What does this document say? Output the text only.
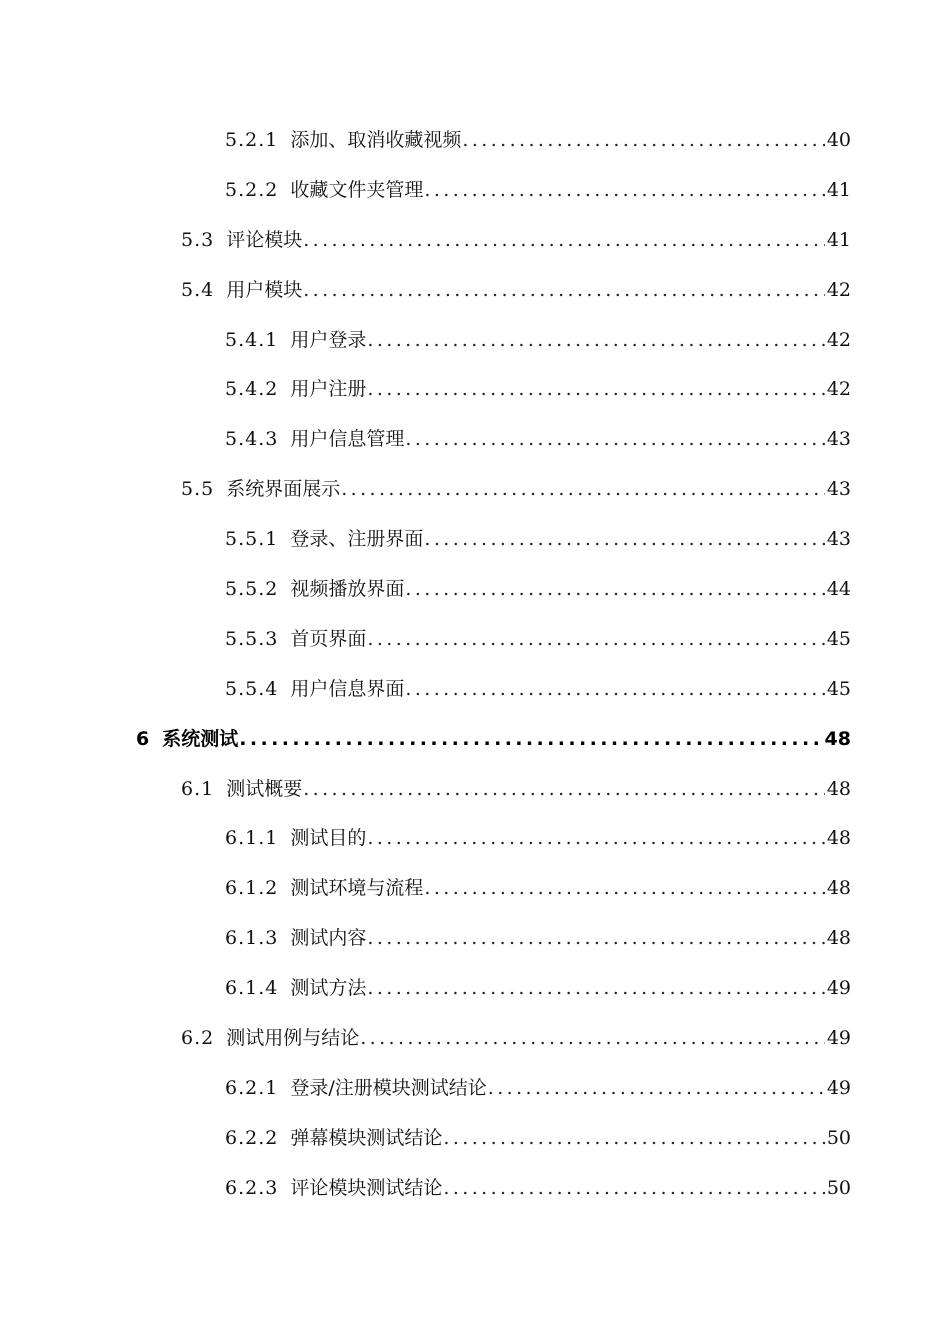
5.2.1 添加、取消收藏视频 .....	40
5.2.2 收藏文件夹管理 .....	41
5.3 评论模块 .....	41
5.4 用户模块 .....	42
5.4.1 用户登录 .....	42
5.4.2 用户注册 .....	42
5.4.3 用户信息管理 .....	43
5.5 系统界面展示 .....	43
5.5.1 登录、注册界面 .....	43
5.5.2 视频播放界面 .....	44
5.5.3 首页界面 .....	45
5.5.4 用户信息界面 .....	45
6 系统测试 .....	48
6.1 测试概要 .....	48
6.1.1 测试目的 .....	48
6.1.2 测试环境与流程 .....	48
6.1.3 测试内容 .....	48
6.1.4 测试方法 .....	49
6.2 测试用例与结论 .....	49
6.2.1 登录/注册模块测试结论 .....	49
6.2.2 弹幕模块测试结论 .....	50
6.2.3 评论模块测试结论 .....	50
